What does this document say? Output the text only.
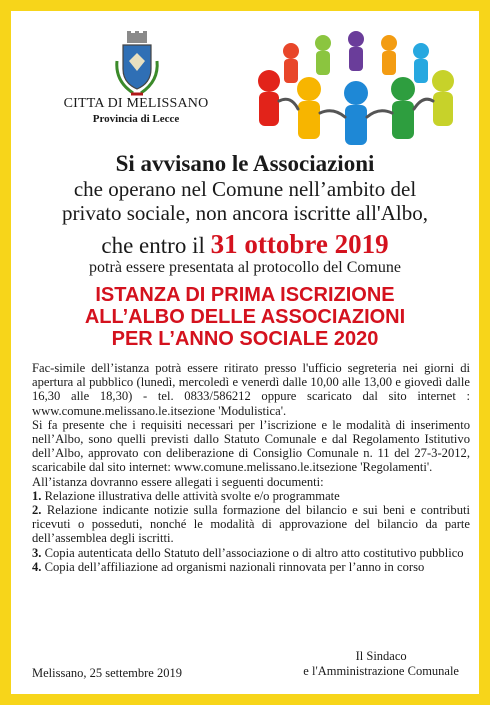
CITTA DI MELISSANO
Provincia di Lecce
Si avvisano le Associazioni
che operano nel Comune nell’ambito del
privato sociale, non ancora iscritte all'Albo,
che entro il 31 ottobre 2019
potrà essere presentata al protocollo del Comune
ISTANZA DI PRIMA ISCRIZIONE
ALL’ALBO DELLE ASSOCIAZIONI
PER L’ANNO SOCIALE 2020

Fac-simile dell’istanza potrà essere ritirato presso l'ufficio segreteria nei giorni di apertura al pubblico (lunedì, mercoledì e venerdì dalle 10,00 alle 13,00 e giovedì dalle 16,30 alle 18,30) - tel. 0833/586212 oppure scaricato dal sito internet : www.comune.melissano.le.itsezione 'Modulistica'.

Si fa presente che i requisiti necessari per l’iscrizione e le modalità di inserimento nell’Albo, sono quelli previsti dallo Statuto Comunale e dal Regolamento Istitutivo dell’Albo, approvato con deliberazione di Consiglio Comunale n. 11 del 27-3-2012, scaricabile dal sito internet: www.comune.melissano.le.itsezione 'Regolamenti'.

All’istanza dovranno essere allegati i seguenti documenti:

1. Relazione illustrativa delle attività svolte e/o programmate

2. Relazione indicante notizie sulla formazione del bilancio e sui beni e contributi ricevuti o posseduti, nonché le modalità di approvazione del bilancio da parte dell’assemblea degli iscritti.

3. Copia autenticata dello Statuto dell’associazione o di altro atto costitutivo pubblico

4. Copia dell’affiliazione ad organismi nazionali rinnovata per l’anno in corso

Melissano, 25 settembre 2019
Il Sindaco
e l'Amministrazione Comunale
